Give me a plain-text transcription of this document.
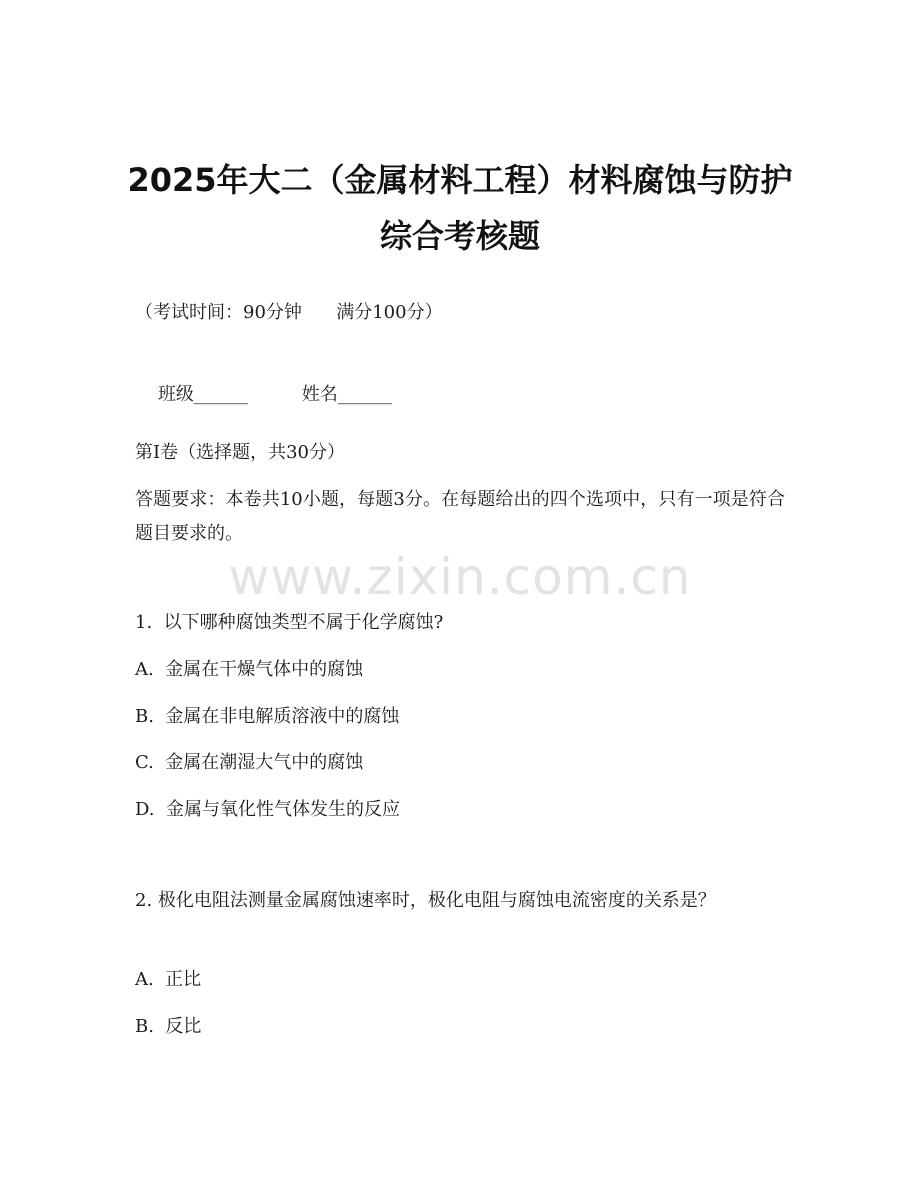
2025年大二（金属材料工程）材料腐蚀与防护综合考核题
（考试时间：90分钟      满分100分）

班级______	姓名______

第I卷（选择题，共30分）
答题要求：本卷共10小题，每题3分。在每题给出的四个选项中，只有一项是符合题目要求的。
www.zixin.com.cn
1.  以下哪种腐蚀类型不属于化学腐蚀?
A.  金属在干燥气体中的腐蚀
B.  金属在非电解质溶液中的腐蚀
C.  金属在潮湿大气中的腐蚀
D.  金属与氧化性气体发生的反应
2. 极化电阻法测量金属腐蚀速率时，极化电阻与腐蚀电流密度的关系是？
A.  正比
B.  反比
